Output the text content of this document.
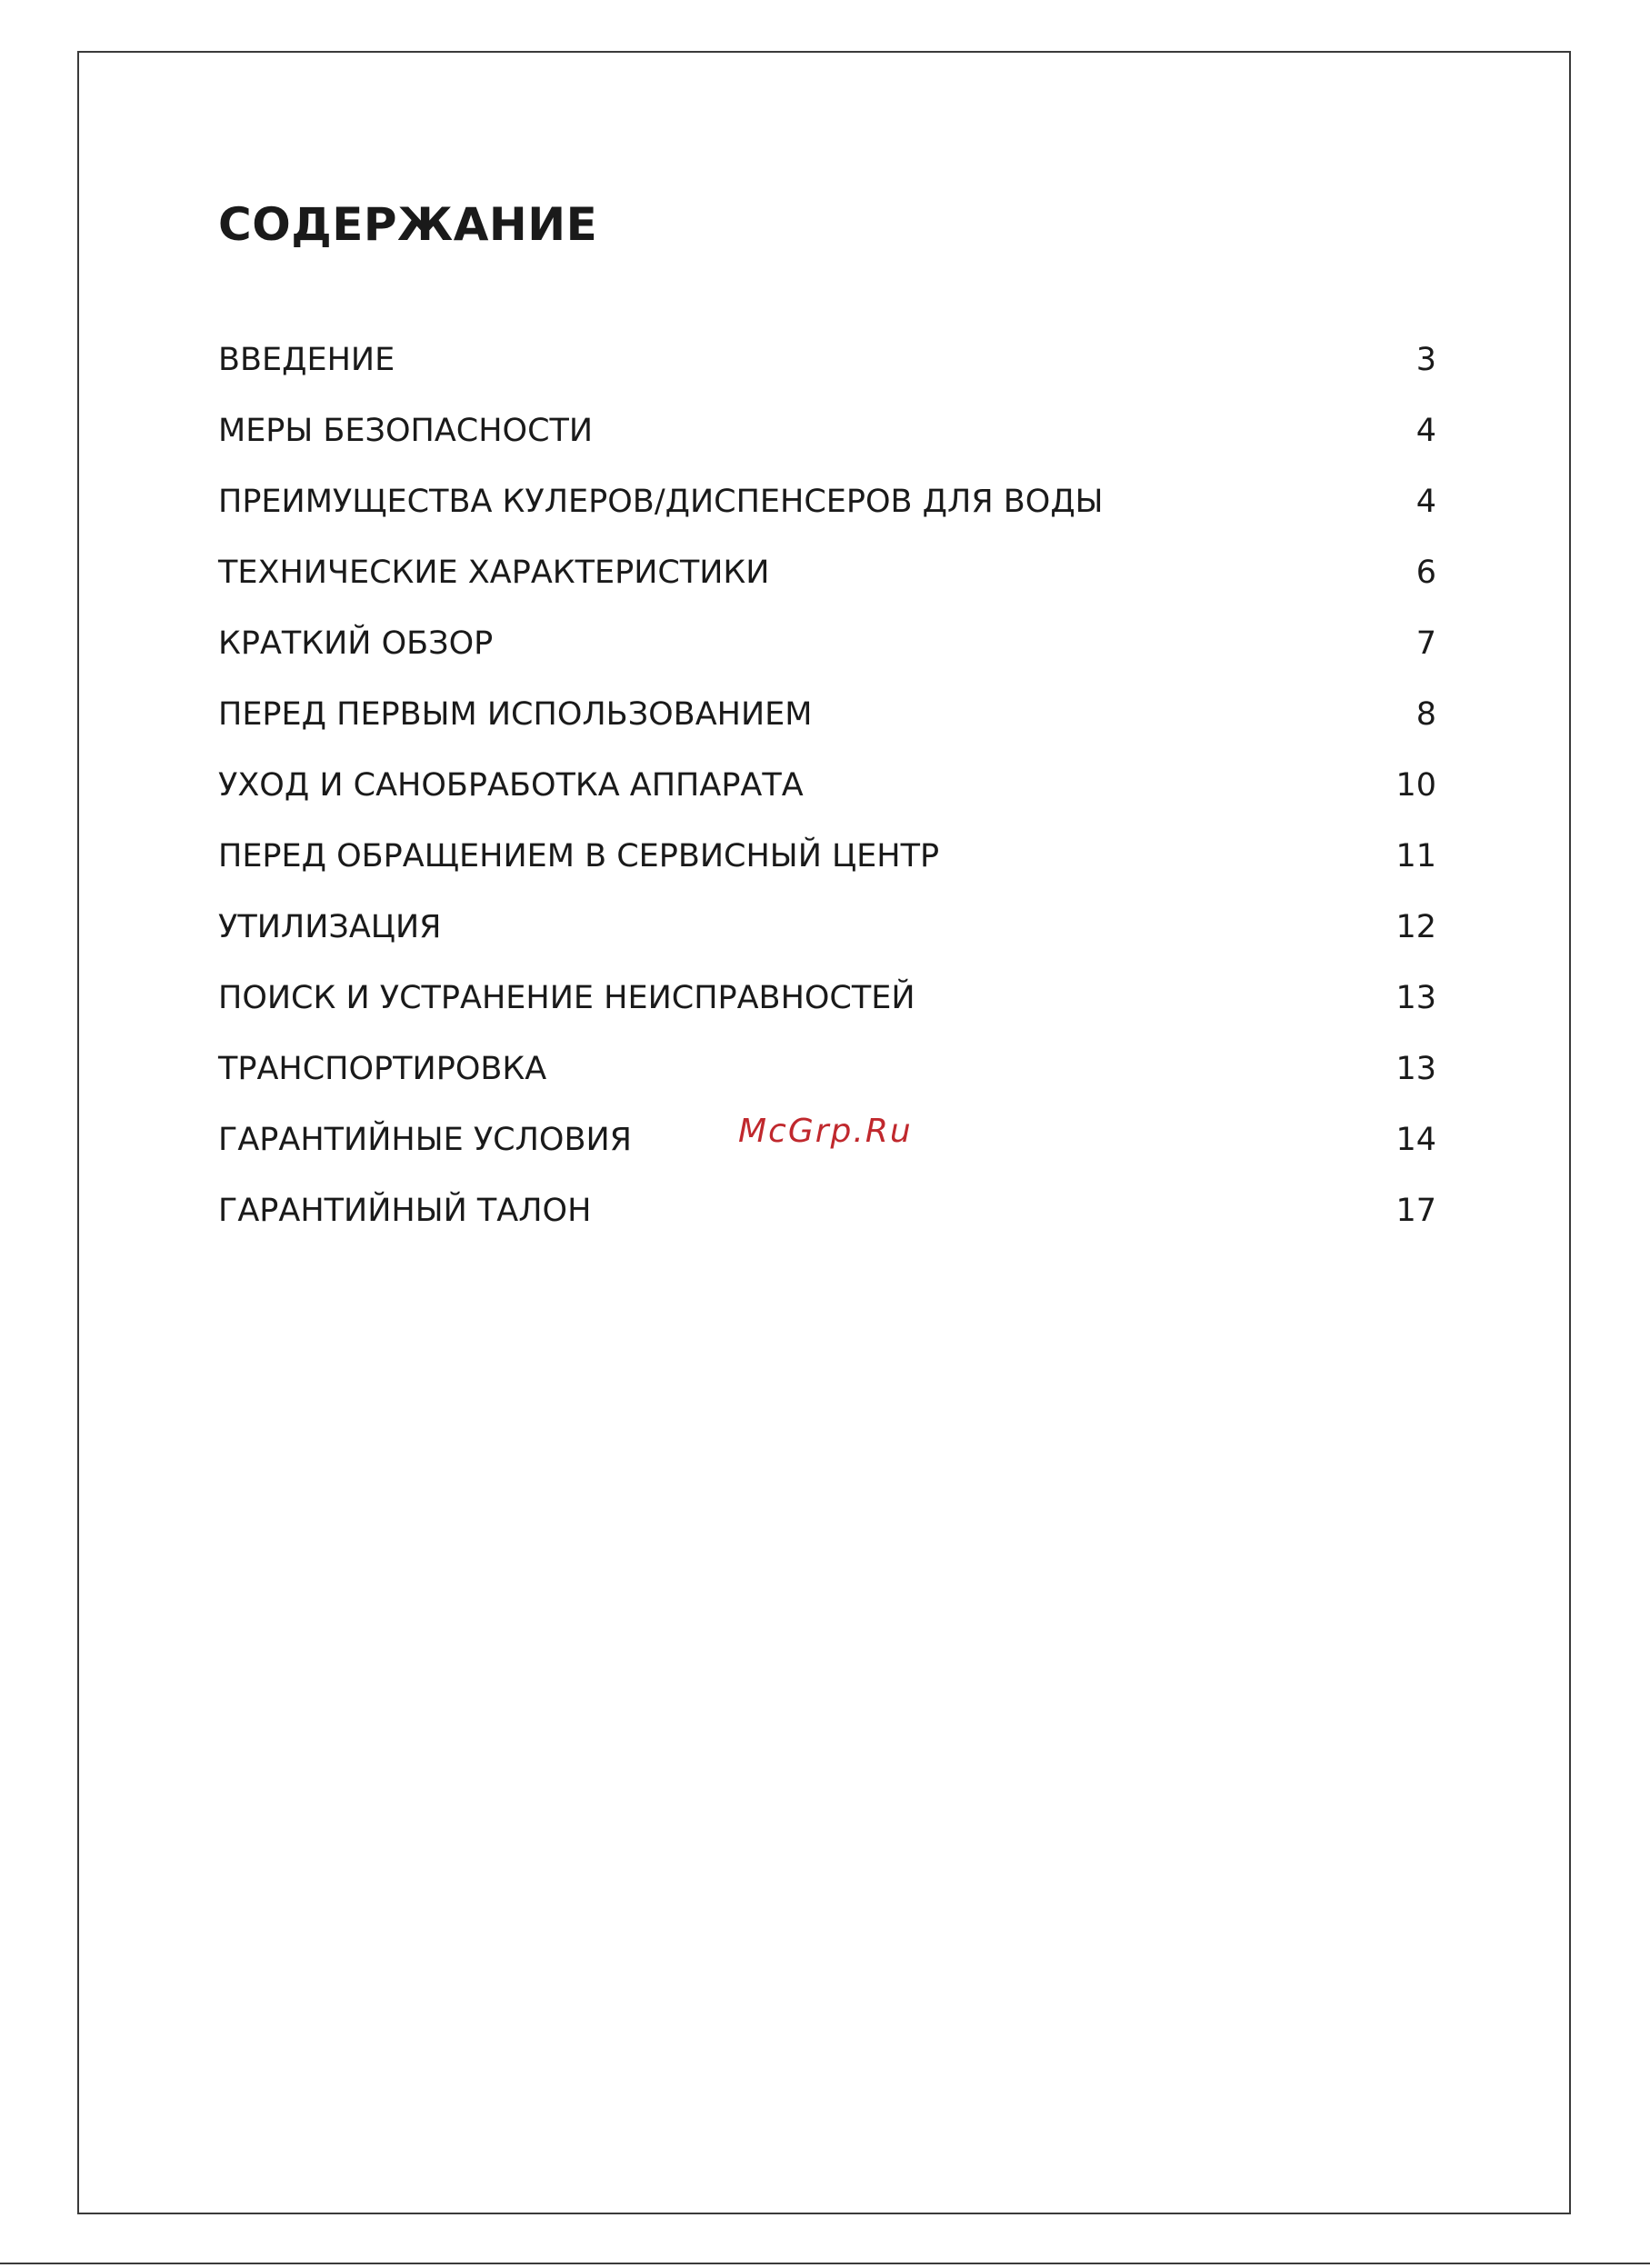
СОДЕРЖАНИЕ
ВВЕДЕНИЕ	3
МЕРЫ БЕЗОПАСНОСТИ	4
ПРЕИМУЩЕСТВА КУЛЕРОВ/ДИСПЕНСЕРОВ ДЛЯ ВОДЫ	4
ТЕХНИЧЕСКИЕ ХАРАКТЕРИСТИКИ	6
КРАТКИЙ ОБЗОР	7
ПЕРЕД ПЕРВЫМ ИСПОЛЬЗОВАНИЕМ	8
УХОД И САНОБРАБОТКА АППАРАТА	10
ПЕРЕД ОБРАЩЕНИЕМ В СЕРВИСНЫЙ ЦЕНТР	11
УТИЛИЗАЦИЯ	12
ПОИСК И УСТРАНЕНИЕ НЕИСПРАВНОСТЕЙ	13
ТРАНСПОРТИРОВКА	13
ГАРАНТИЙНЫЕ УСЛОВИЯ	14
ГАРАНТИЙНЫЙ ТАЛОН	17
McGrp.Ru
